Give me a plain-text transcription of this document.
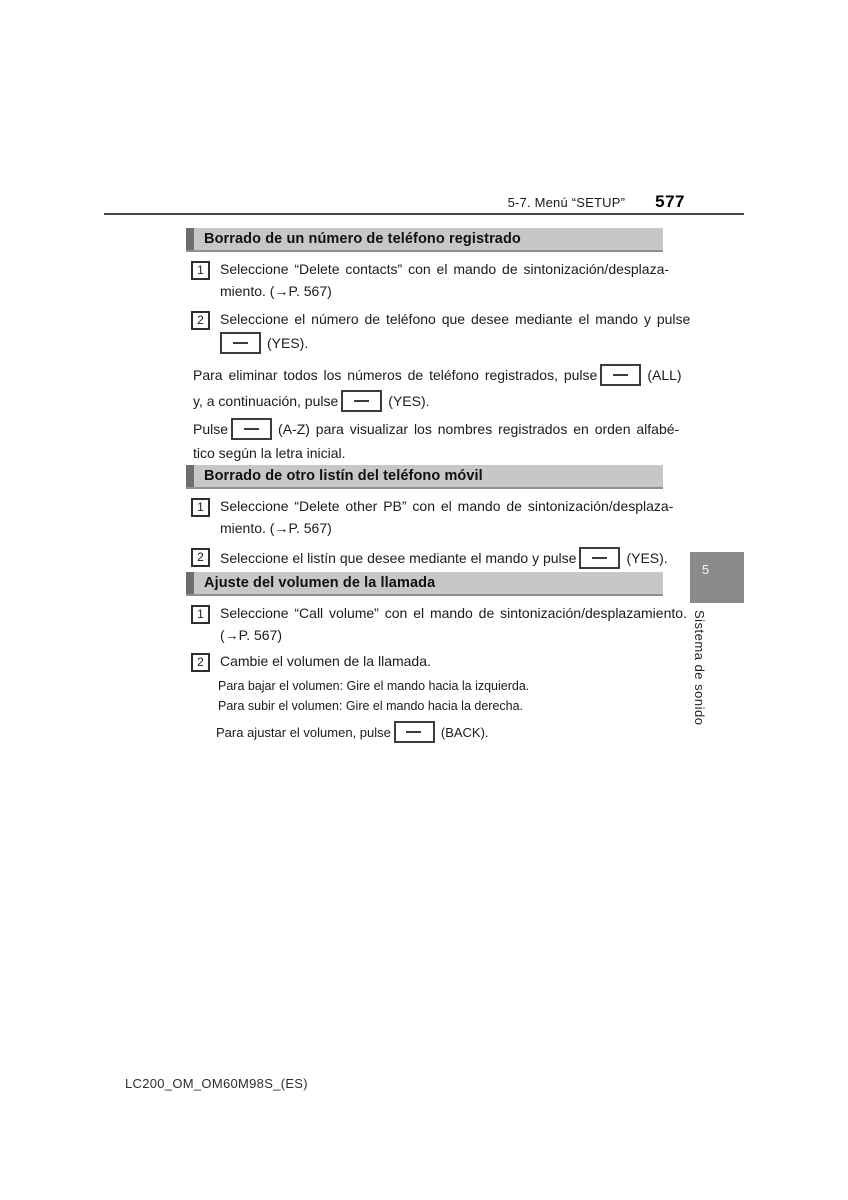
5-7. Menú “SETUP” 577
Borrado de un número de teléfono registrado
1	Seleccione “Delete contacts” con el mando de sintonización/desplaza-
miento. (→P. 567)
2	Seleccione el número de teléfono que desee mediante el mando y pulse
(YES).
Para eliminar todos los números de teléfono registrados, pulse	(ALL)
y, a continuación, pulse	(YES).
Pulse	(A-Z) para visualizar los nombres registrados en orden alfabé-
tico según la letra inicial.
Borrado de otro listín del teléfono móvil
1	Seleccione “Delete other PB” con el mando de sintonización/desplaza-
miento. (→P. 567)
2	Seleccione el listín que desee mediante el mando y pulse	(YES).
Ajuste del volumen de la llamada
1	Seleccione “Call volume” con el mando de sintonización/desplazamiento.
(→P. 567)
2	Cambie el volumen de la llamada.
Para bajar el volumen: Gire el mando hacia la izquierda.
Para subir el volumen: Gire el mando hacia la derecha.
Para ajustar el volumen, pulse	(BACK).
5
Sistema de sonido
LC200_OM_OM60M98S_(ES)
